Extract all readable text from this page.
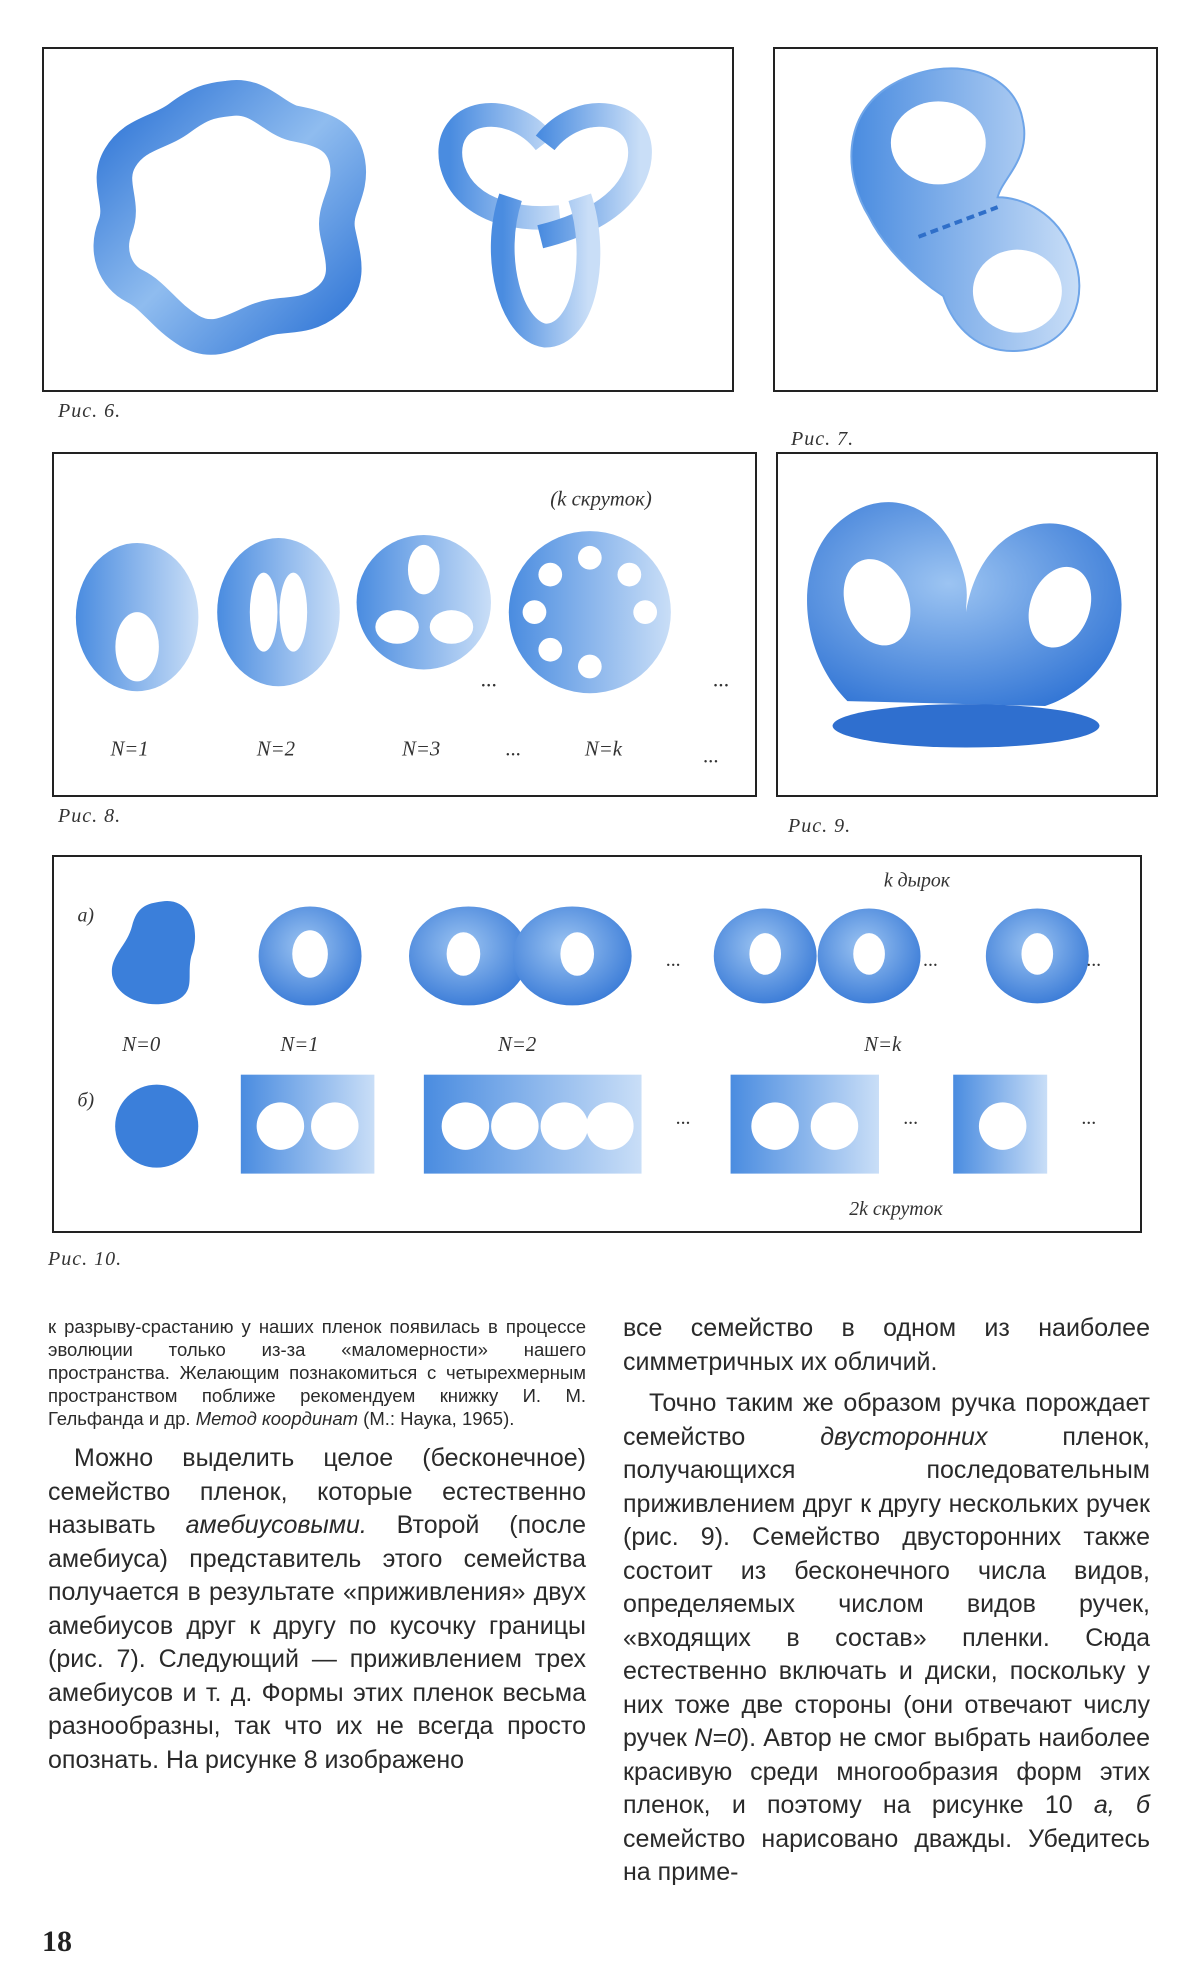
Рис. 6.
Рис. 7.
(k скруток)
...	...
N=1	N=2	N=3	...	N=k	...
Рис. 8.	Рис. 9.
а)
б)
k дырок
2k скруток
...	...	...
N=0	N=1	N=2	N=k
...	...	...
Рис. 10.

к разрыву-срастанию у наших пленок появилась в процессе эволюции только из-за «маломерности» нашего пространства. Желающим познакомиться с четырехмерным пространством поближе рекомендуем книжку И. М. Гельфанда и др. Метод координат (М.: Наука, 1965).

Можно выделить целое (бесконечное) семейство пленок, которые естественно называть амебиусовыми. Второй (после амебиуса) представитель этого семейства получается в результате «приживления» двух амебиусов друг к другу по кусочку границы (рис. 7). Следующий — приживлением трех амебиусов и т. д. Формы этих пленок весьма разнообразны, так что их не всегда просто опознать. На рисунке 8 изображено

все семейство в одном из наиболее симметричных их обличий.

Точно таким же образом ручка порождает семейство двусторонних пленок, получающихся последовательным приживлением друг к другу нескольких ручек (рис. 9). Семейство двусторонних также состоит из бесконечного числа видов, определяемых числом видов ручек, «входящих в состав» пленки. Сюда естественно включать и диски, поскольку у них тоже две стороны (они отвечают числу ручек N=0). Автор не смог выбрать наиболее красивую среди многообразия форм этих пленок, и поэтому на рисунке 10 а, б семейство нарисовано дважды. Убедитесь на приме-

18
